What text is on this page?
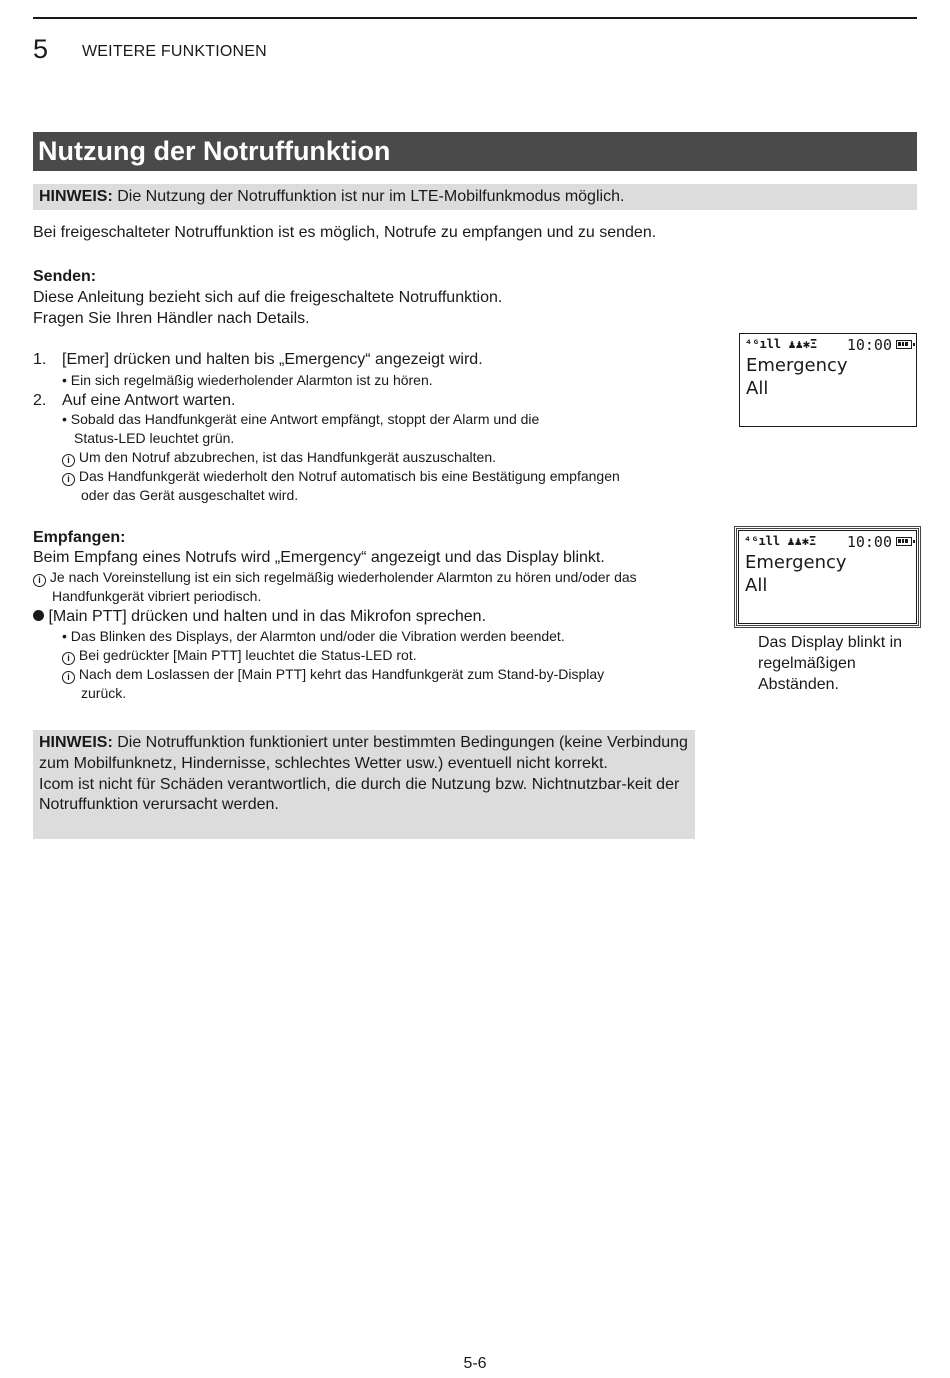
5 WEITERE FUNKTIONEN
Nutzung der Notruffunktion
HINWEIS: Die Nutzung der Notruffunktion ist nur im LTE-Mobilfunkmodus möglich.
Bei freigeschalteter Notruffunktion ist es möglich, Notrufe zu empfangen und zu senden.
Senden:
Diese Anleitung bezieht sich auf die freigeschaltete Notruffunktion.
Fragen Sie Ihren Händler nach Details.
1. [Emer] drücken und halten bis „Emergency“ angezeigt wird.
• Ein sich regelmäßig wiederholender Alarmton ist zu hören.
2. Auf eine Antwort warten.
• Sobald das Handfunkgerät eine Antwort empfängt, stoppt der Alarm und die
Status-LED leuchtet grün.
i Um den Notruf abzubrechen, ist das Handfunkgerät auszuschalten.
i Das Handfunkgerät wiederholt den Notruf automatisch bis eine Bestätigung empfangen
oder das Gerät ausgeschaltet wird.
⁴ᴳıll ♟♟✱Ξ 10:00
Emergency
All
Empfangen:
Beim Empfang eines Notrufs wird „Emergency“ angezeigt und das Display blinkt.
i Je nach Voreinstellung ist ein sich regelmäßig wiederholender Alarmton zu hören und/oder das
Handfunkgerät vibriert periodisch.
[Main PTT] drücken und halten und in das Mikrofon sprechen.
• Das Blinken des Displays, der Alarmton und/oder die Vibration werden beendet.
i Bei gedrückter [Main PTT] leuchtet die Status-LED rot.
i Nach dem Loslassen der [Main PTT] kehrt das Handfunkgerät zum Stand-by-Display
zurück.
⁴ᴳıll ♟♟✱Ξ 10:00
Emergency
All
Das Display blinkt in regelmäßigen Abständen.
HINWEIS: Die Notruffunktion funktioniert unter bestimmten Bedingungen (keine Verbindung zum Mobilfunknetz, Hindernisse, schlechtes Wetter usw.) eventuell nicht korrekt.
Icom ist nicht für Schäden verantwortlich, die durch die Nutzung bzw. Nichtnutzbar-keit der Notruffunktion verursacht werden.
5-6
